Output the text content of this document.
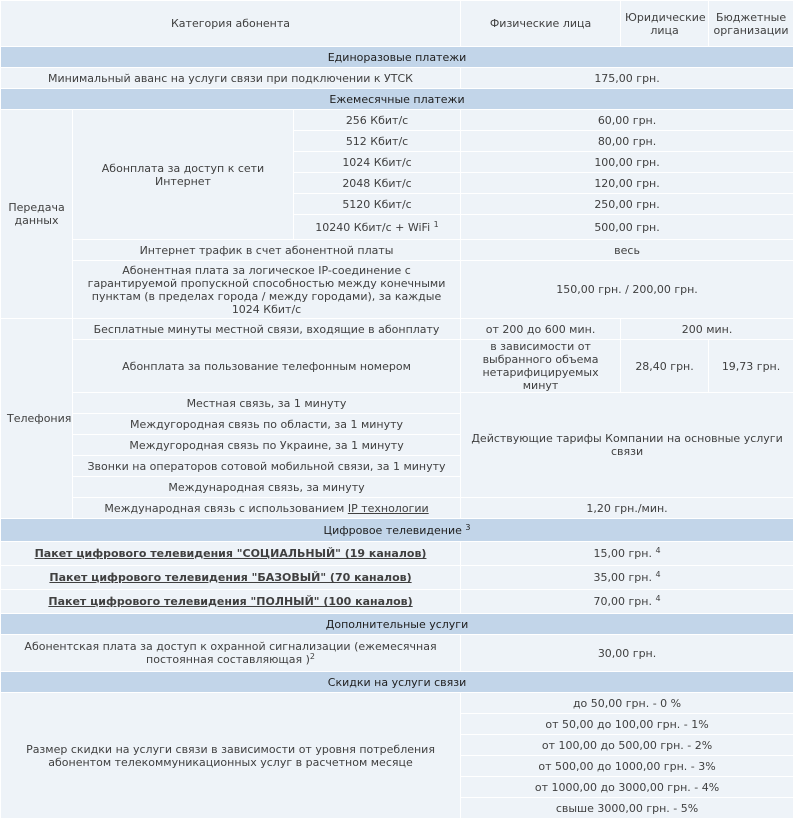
Категория абонента			Физические лица	Юридические лица	Бюджетные организации
Единоразовые платежи					
Минимальный аванс на услуги связи при подключении к УТСК			175,00 грн.		
Ежемесячные платежи					
Передача данных	Абонплата за доступ к сети Интернет	256 Кбит/с	60,00 грн.		
		512 Кбит/с	80,00 грн.		
		1024 Кбит/с	100,00 грн.		
		2048 Кбит/с	120,00 грн.		
		5120 Кбит/с	250,00 грн.		
		10240 Кбит/с + WiFi $^1$	500,00 грн.		
	Интернет трафик в счет абонентной платы		весь		
	Абонентная плата за логическое IP-соединение с гарантируемой пропускной способностью между конечными пунктам (в пределах города / между городами), за каждые 1024 Кбит/с		150,00 грн. / 200,00 грн.		
Телефония	Бесплатные минуты местной связи, входящие в абонплату		от 200 до 600 мин.	200 мин.	
	Абонплата за пользование телефонным номером		в зависимости от выбранного объема нетарифицируемых минут	28,40 грн.	19,73 грн.
	Местная связь, за 1 минуту		Действующие тарифы Компании на основные услуги связи		
	Междугородная связь по области, за 1 минуту				
	Междугородная связь по Украине, за 1 минуту				
	Звонки на операторов сотовой мобильной связи, за 1 минуту				
	Международная связь, за минуту				
	Международная связь с использованием IP технологии		1,20 грн./мин.		
Цифровое телевидение $^3$
Пакет цифрового телевидения "СОЦИАЛЬНЫЙ" (19 каналов)			15,00 грн. $^4$
Пакет цифрового телевидения "БАЗОВЫЙ" (70 каналов)			35,00 грн. $^4$
Пакет цифрового телевидения "ПОЛНЫЙ" (100 каналов)			70,00 грн. $^4$
Дополнительные услуги					
Абонентская плата за доступ к охранной сигнализации (ежемесячная постоянная составляющая )$^2$			30,00 грн.		
Скидки на услуги связи					
Размер скидки на услуги связи в зависимости от уровня потребления абонентом телекоммуникационных услуг в расчетном месяце			до 50,00 грн. - 0 %		
			от 50,00 до 100,00 грн. - 1%		
			от 100,00 до 500,00 грн. - 2%		
			от 500,00 до 1000,00 грн. - 3%		
			от 1000,00 до 3000,00 грн. - 4%		
			свыше 3000,00 грн. - 5%		
